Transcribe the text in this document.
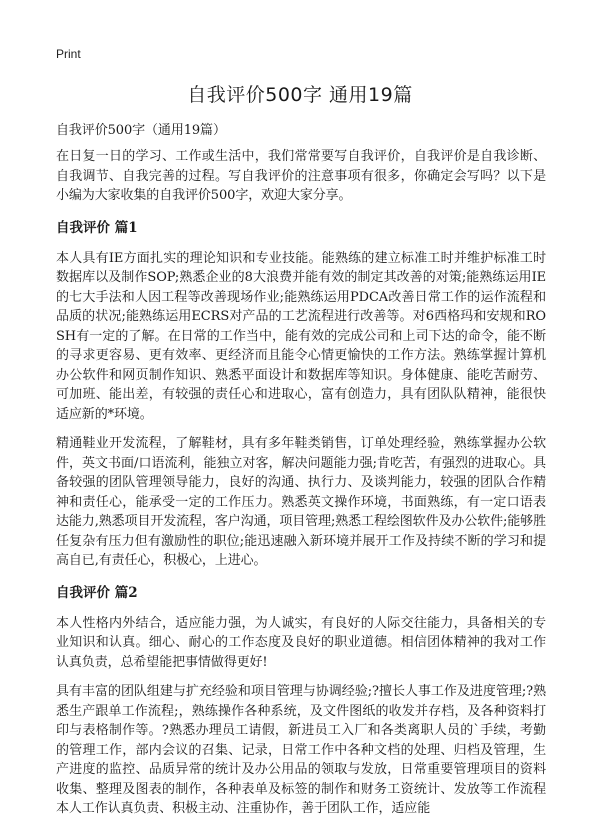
Print
自我评价500字 通用19篇

自我评价500字（通用19篇）

在日复一日的学习、工作或生活中，我们常常要写自我评价，自我评价是自我诊断、自我调节、自我完善的过程。写自我评价的注意事项有很多，你确定会写吗？以下是小编为大家收集的自我评价500字，欢迎大家分享。

自我评价 篇1

本人具有IE方面扎实的理论知识和专业技能。能熟练的建立标准工时并维护标准工时数据库以及制作SOP;熟悉企业的8大浪费并能有效的制定其改善的对策;能熟练运用IE的七大手法和人因工程等改善现场作业;能熟练运用PDCA改善日常工作的运作流程和品质的状况;能熟练运用ECRS对产品的工艺流程进行改善等。对6西格玛和安规和ROSH有一定的了解。在日常的工作当中，能有效的完成公司和上司下达的命令，能不断的寻求更容易、更有效率、更经济而且能令心情更愉快的工作方法。熟练掌握计算机办公软件和网页制作知识、熟悉平面设计和数据库等知识。身体健康、能吃苦耐劳、可加班、能出差，有较强的责任心和进取心，富有创造力，具有团队队精神，能很快适应新的*环境。

精通鞋业开发流程，了解鞋材，具有多年鞋类销售，订单处理经验，熟练掌握办公软件，英文书面/口语流利，能独立对客，解决问题能力强;肯吃苦，有强烈的进取心。具备较强的团队管理领导能力，良好的沟通、执行力、及谈判能力，较强的团队合作精神和责任心，能承受一定的工作压力。熟悉英文操作环境，书面熟练，有一定口语表达能力,熟悉项目开发流程，客户沟通，项目管理;熟悉工程绘图软件及办公软件;能够胜任复杂有压力但有激励性的职位;能迅速融入新环境并展开工作及持续不断的学习和提高自已,有责任心，积极心，上进心。

自我评价 篇2

本人性格内外结合，适应能力强，为人诚实，有良好的人际交往能力，具备相关的专业知识和认真。细心、耐心的工作态度及良好的职业道德。相信团体精神的我对工作认真负责，总希望能把事情做得更好!

具有丰富的团队组建与扩充经验和项目管理与协调经验;?擅长人事工作及进度管理;?熟悉生产跟单工作流程;，熟练操作各种系统，及文件图纸的收发并存档，及各种资料打印与表格制作等。?熟悉办理员工请假，新进员工入厂和各类离职人员的`手续，考勤的管理工作，部内会议的召集、记录，日常工作中各种文档的处理、归档及管理，生产进度的监控、品质异常的统计及办公用品的领取与发放，日常重要管理项目的资料收集、整理及图表的制作，各种表单及标签的制作和财务工资统计、发放等工作流程本人工作认真负责、积极主动、注重协作，善于团队工作，适应能
